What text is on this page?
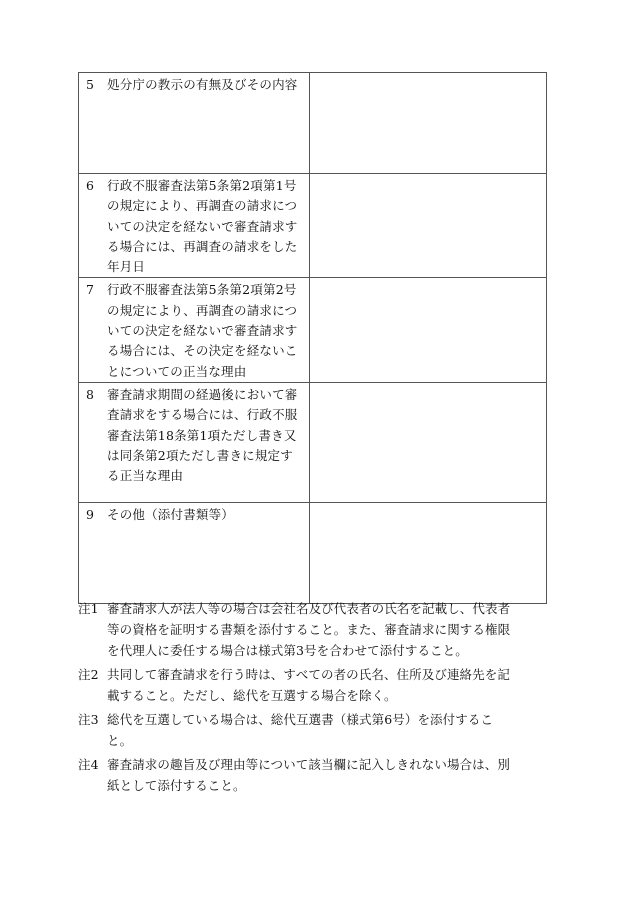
5 処分庁の教示の有無及びその内容	

6 行政不服審査法第5条第2項第1号の規定により、再調査の請求についての決定を経ないで審査請求する場合には、再調査の請求をした年月日	

7 行政不服審査法第5条第2項第2号の規定により、再調査の請求についての決定を経ないで審査請求する場合には、その決定を経ないことについての正当な理由	

8 審査請求期間の経過後において審査請求をする場合には、行政不服審査法第18条第1項ただし書き又は同条第2項ただし書きに規定する正当な理由	

9 その他（添付書類等）	

注1 審査請求人が法人等の場合は会社名及び代表者の氏名を記載し、代表者等の資格を証明する書類を添付すること。また、審査請求に関する権限を代理人に委任する場合は様式第3号を合わせて添付すること。
注2 共同して審査請求を行う時は、すべての者の氏名、住所及び連絡先を記載すること。ただし、総代を互選する場合を除く。
注3 総代を互選している場合は、総代互選書（様式第6号）を添付すること。
注4 審査請求の趣旨及び理由等について該当欄に記入しきれない場合は、別紙として添付すること。
